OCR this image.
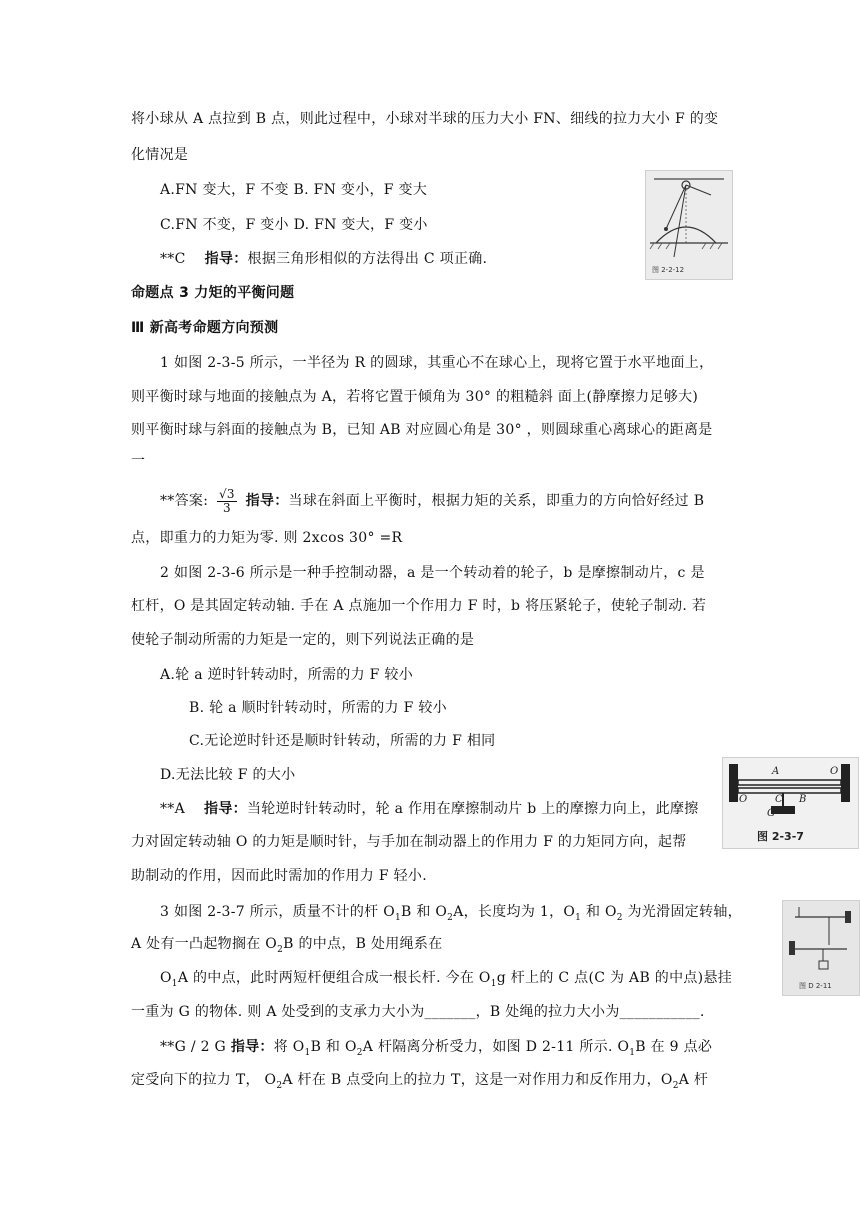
将小球从 A 点拉到 B 点，则此过程中，小球对半球的压力大小 FN、细线的拉力大小 F 的变
化情况是
A.FN 变大，F 不变 B. FN 变小，F 变大
C.FN 不变，F 变小 D. FN 变大，F 变小
**C 指导：根据三角形相似的方法得出 C 项正确.
图 2-2-12
命题点 3 力矩的平衡问题
Ⅲ 新高考命题方向预测
1 如图 2-3-5 所示，一半径为 R 的圆球，其重心不在球心上，现将它置于水平地面上，
则平衡时球与地面的接触点为 A，若将它置于倾角为 30° 的粗糙斜 面上(静摩擦力足够大)
则平衡时球与斜面的接触点为 B，已知 AB 对应圆心角是 30° ，则圆球重心离球心的距离是
一
**答案: $\frac{√3}{3}$ 指导：当球在斜面上平衡时，根据力矩的关系，即重力的方向恰好经过 B
点，即重力的力矩为零. 则 2xcos 30° =R
2 如图 2-3-6 所示是一种手控制动器，a 是一个转动着的轮子，b 是摩擦制动片，c 是
杠杆，O 是其固定转动轴. 手在 A 点施加一个作用力 F 时，b 将压紧轮子，使轮子制动. 若
使轮子制动所需的力矩是一定的，则下列说法正确的是
A.轮 a 逆时针转动时，所需的力 F 较小
B. 轮 a 顺时针转动时，所需的力 F 较小
C.无论逆时针还是顺时针转动，所需的力 F 相同
D.无法比较 F 的大小	A	O
O	C B
G
图 2-3-7
**A 指导：当轮逆时针转动时，轮 a 作用在摩擦制动片 b 上的摩擦力向上，此摩擦
力对固定转动轴 O 的力矩是顺时针，与手加在制动器上的作用力 F 的力矩同方向，起帮
助制动的作用，因而此时需加的作用力 F 轻小.
3 如图 2-3-7 所示，质量不计的杆 $O_1B$ 和 $O_2A$，长度均为 1，$O_1$ 和 $O_2$ 为光滑固定转轴，
A 处有一凸起物搁在 $O_2B$ 的中点，B 处用绳系在
$O_1A$ 的中点，此时两短杆便组合成一根长杆. 今在 $O_1g$ 杆上的 C 点(C 为 AB 的中点)悬挂
一重为 G 的物体. 则 A 处受到的支承力大小为_______，B 处绳的拉力大小为___________.
图 D 2-11
**G / 2 G 指导：将 $O_1B$ 和 $O_2A$ 杆隔离分析受力，如图 D 2-11 所示. $O_1B$ 在 9 点必
定受向下的拉力 T， $O_2A$ 杆在 B 点受向上的拉力 T，这是一对作用力和反作用力，$O_2A$ 杆
